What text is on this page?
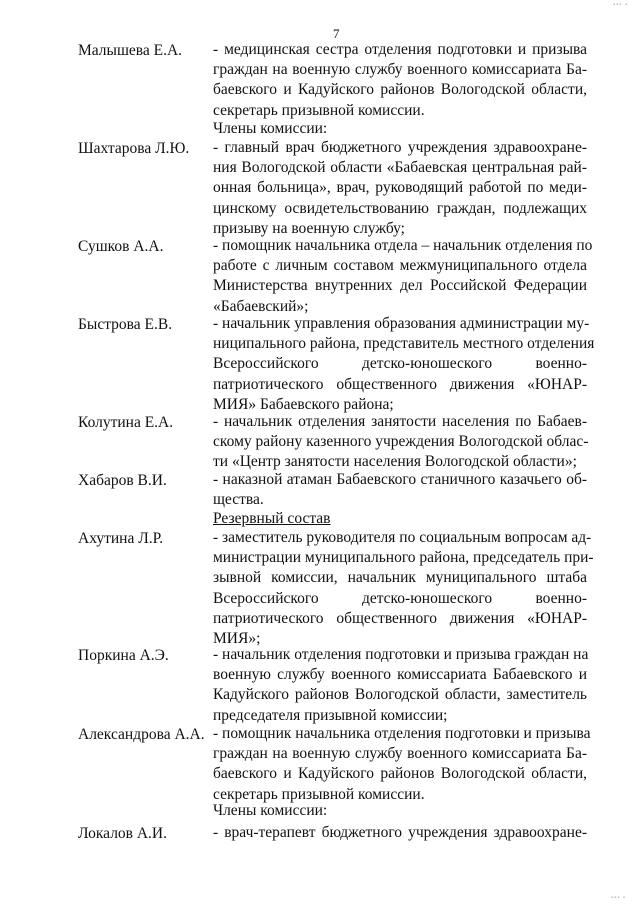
7
Малышева Е.А. - медицинская сестра отделения подготовки и призыва
граждан на военную службу военного комиссариата Ба-
баевского и Кадуйского районов Вологодской области,
секретарь призывной комиссии.
Члены комиссии:
Шахтарова Л.Ю. - главный врач бюджетного учреждения здравоохране-
ния Вологодской области «Бабаевская центральная рай-
онная больница», врач, руководящий работой по меди-
цинскому освидетельствованию граждан, подлежащих
призыву на военную службу;
Сушков А.А.	- помощник начальника отдела – начальник отделения по
работе с личным составом межмуниципального отдела
Министерства внутренних дел Российской Федерации
«Бабаевский»;
Быстрова Е.В.	- начальник управления образования администрации му-
ниципального района, представитель местного отделения
Всероссийского детско-юношеского военно-
патриотического общественного движения «ЮНАР-
МИЯ» Бабаевского района;
Колутина Е.А.	- начальник отделения занятости населения по Бабаев-
скому району казенного учреждения Вологодской облас-
ти «Центр занятости населения Вологодской области»;
Хабаров В.И.	- наказной атаман Бабаевского станичного казачьего об-
щества.
Резервный состав
Ахутина Л.Р.	- заместитель руководителя по социальным вопросам ад-
министрации муниципального района, председатель при-
зывной комиссии, начальник муниципального штаба
Всероссийского детско-юношеского военно-
патриотического общественного движения «ЮНАР-
МИЯ»;
Поркина А.Э.	- начальник отделения подготовки и призыва граждан на
военную службу военного комиссариата Бабаевского и
Кадуйского районов Вологодской области, заместитель
председателя призывной комиссии;
Александрова А.А. - помощник начальника отделения подготовки и призыва
граждан на военную службу военного комиссариата Ба-
баевского и Кадуйского районов Вологодской области,
секретарь призывной комиссии.
Члены комиссии:
Локалов А.И.	- врач-терапевт бюджетного учреждения здравоохране-
▪▪▪ ▪
▪▪▪ ▪
